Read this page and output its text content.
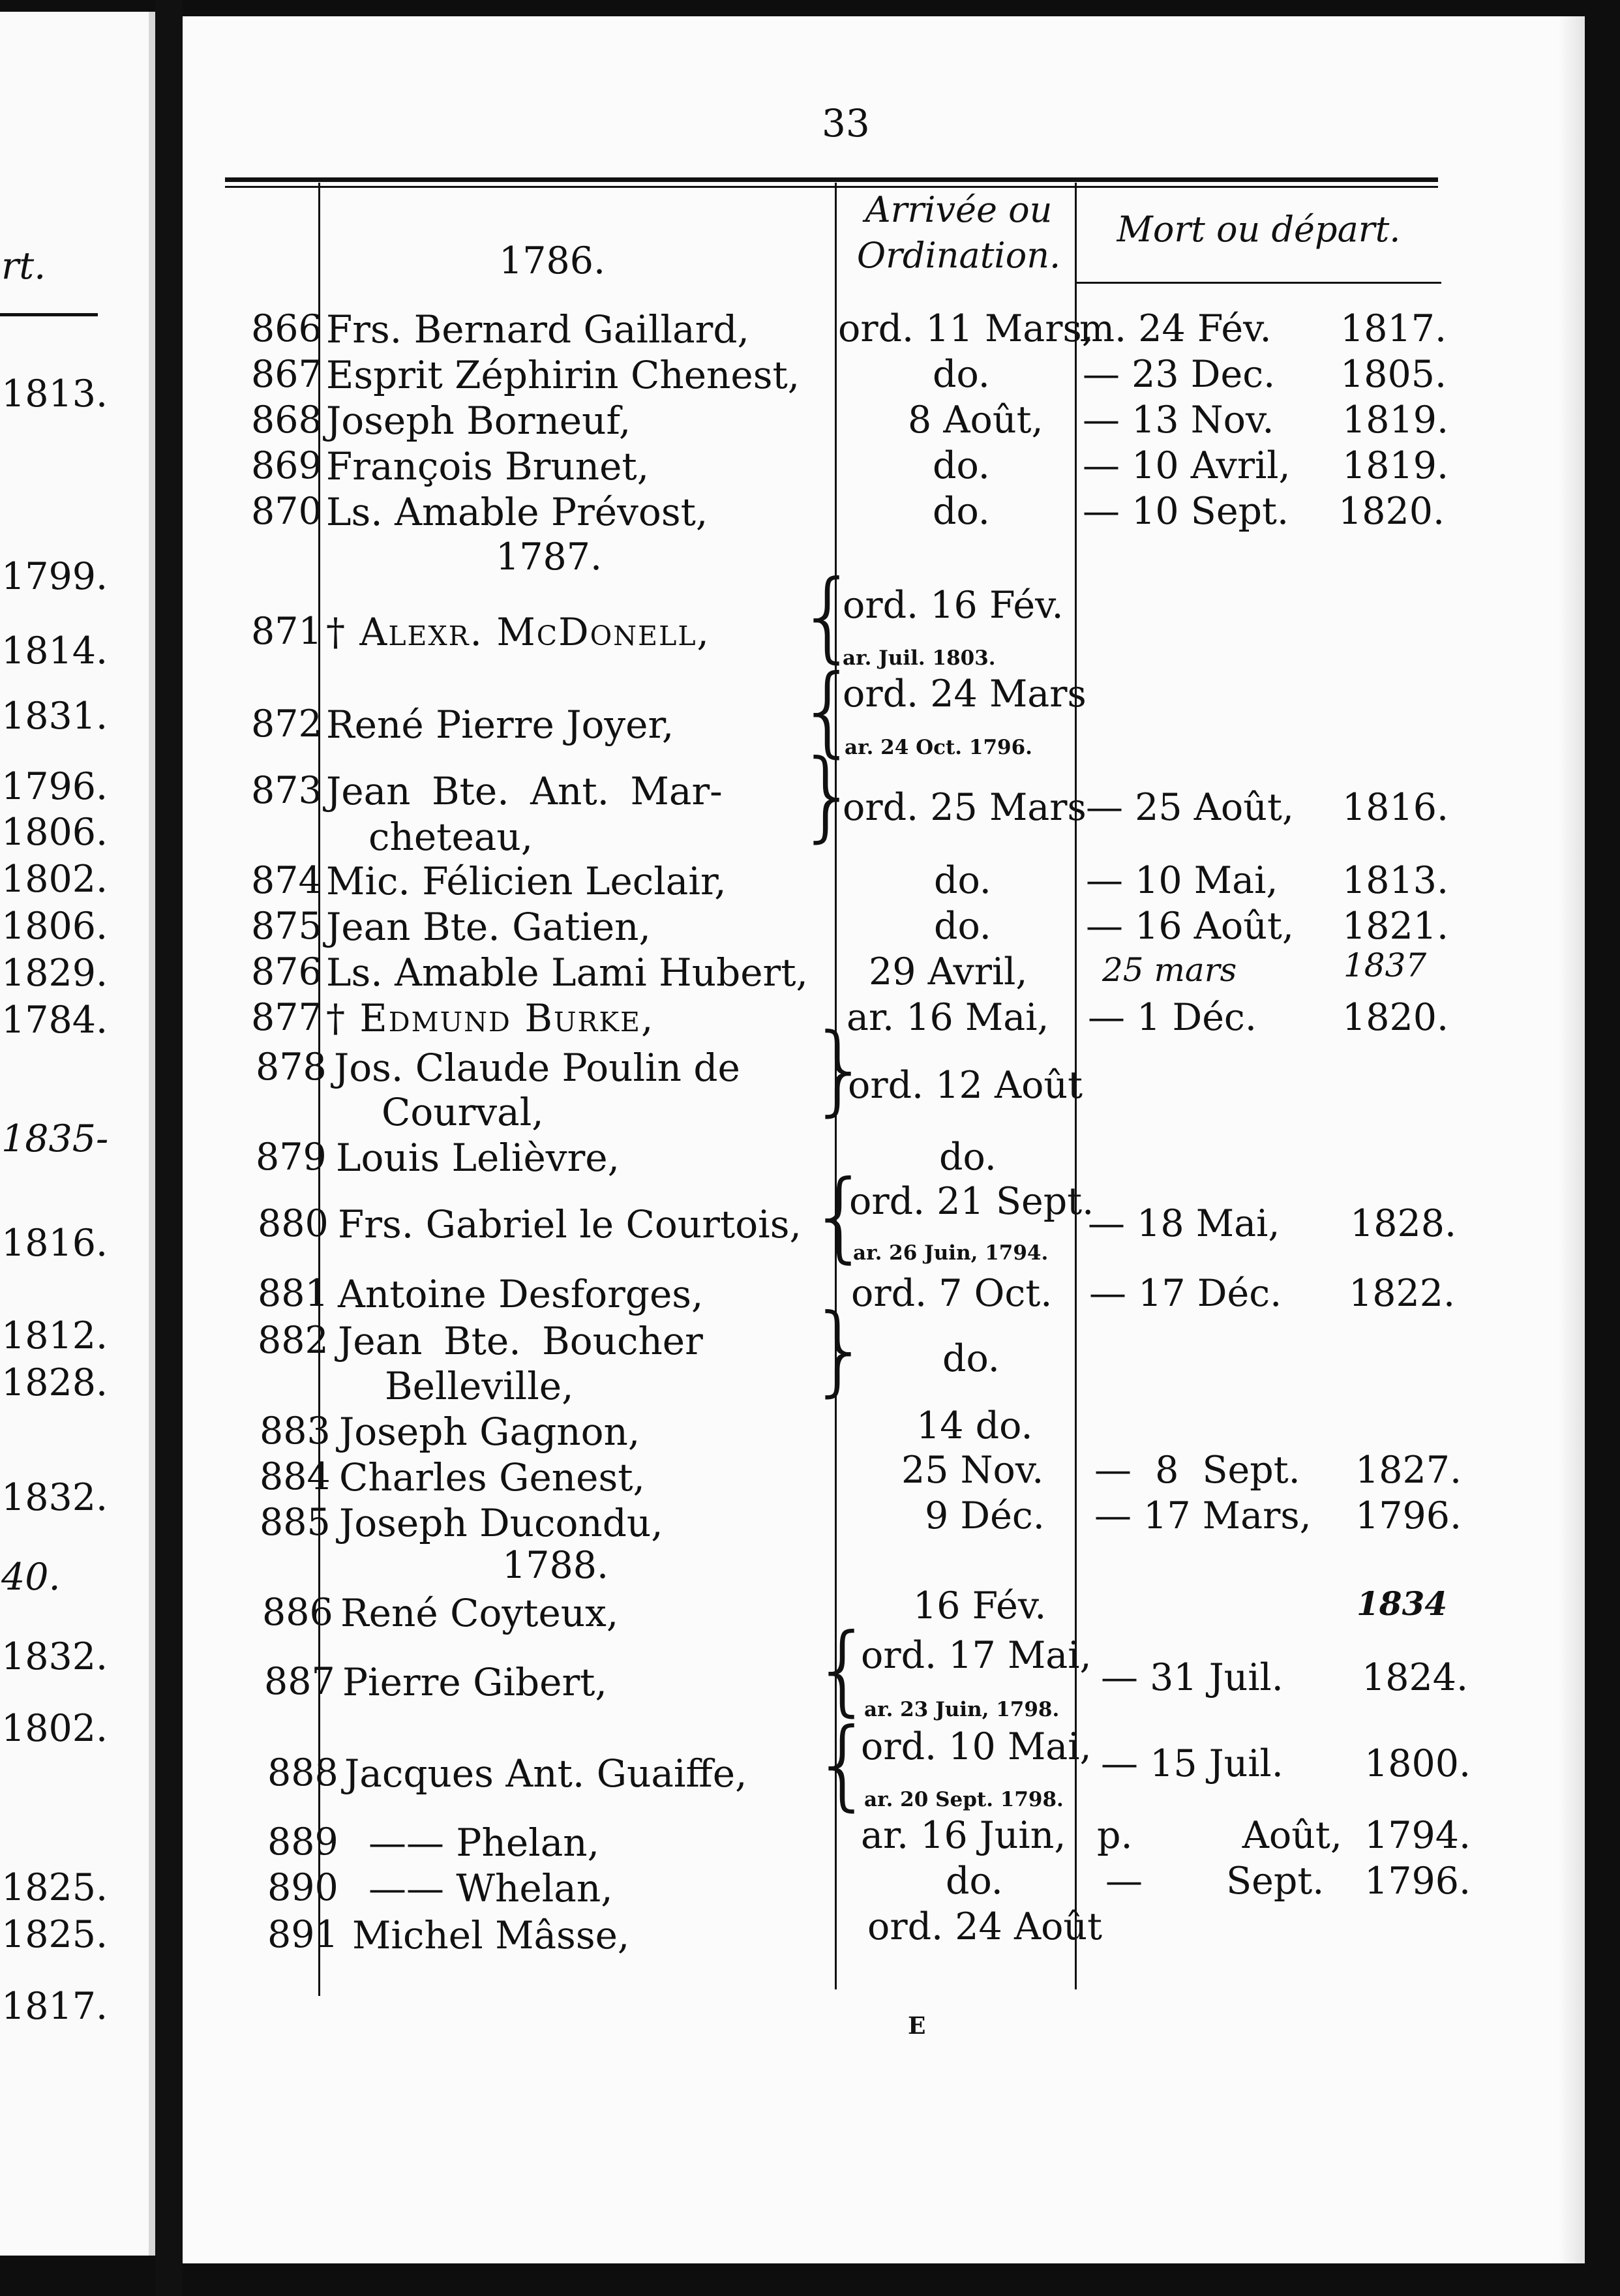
rt.
1813.
1799.
1814.
1831.
1796.
1806.
1802.
1806.
1829.
1784.
1835-
1816.
1812.
1828.
1832.
40.
1832.
1802.
1825.
1825.
1817.
33
Arrivée ou
Ordination.
Mort ou départ.
1786.
1787.
1788.
866
867
868
869
870
871
872
873
874
875
876
877
878
879
880
881
882
883
884
885
886
887
888
889
890
891
Frs. Bernard Gaillard,
Esprit Zéphirin Chenest,
Joseph Borneuf,
François Brunet,
Ls. Amable Prévost,
† Alexr. McDonell,
René Pierre Joyer,
Jean Bte. Ant. Mar-
cheteau,
Mic. Félicien Leclair,
Jean Bte. Gatien,
Ls. Amable Lami Hubert,
† Edmund Burke,
Jos. Claude Poulin de
Courval,
Louis Lelièvre,
Frs. Gabriel le Courtois,
Antoine Desforges,
Jean Bte. Boucher
Belleville,
Joseph Gagnon,
Charles Genest,
Joseph Ducondu,
René Coyteux,
Pierre Gibert,
Jacques Ant. Guaiffe,
—— Phelan,
—— Whelan,
Michel Mâsse,
{
{
}
}
{
}
{
{
ord. 11 Mars,
do.
8 Août,
do.
do.
ord. 16 Fév.
ar. Juil. 1803.
ord. 24 Mars
ar. 24 Oct. 1796.
ord. 25 Mars
do.
do.
29 Avril,
ar. 16 Mai,
ord. 12 Août
do.
ord. 21 Sept.
ar. 26 Juin, 1794.
ord. 7 Oct.
do.
14 do.
25 Nov.
9 Déc.
16 Fév.
ord. 17 Mai,
ar. 23 Juin, 1798.
ord. 10 Mai,
ar. 20 Sept. 1798.
ar. 16 Juin,
do.
ord. 24 Août
m. 24 Fév. 1817.
— 23 Dec. 1805.
— 13 Nov. 1819.
— 10 Avril, 1819.
— 10 Sept. 1820.
— 25 Août, 1816.
— 10 Mai, 1813.
— 16 Août, 1821.
25 mars	1837
— 1 Déc. 1820.
— 18 Mai, 1828.
— 17 Déc. 1822.
— 8 Sept. 1827.
— 17 Mars, 1796.
1834
— 31 Juil. 1824.
— 15 Juil. 1800.
p. Août, 1794.
— Sept. 1796.
E
